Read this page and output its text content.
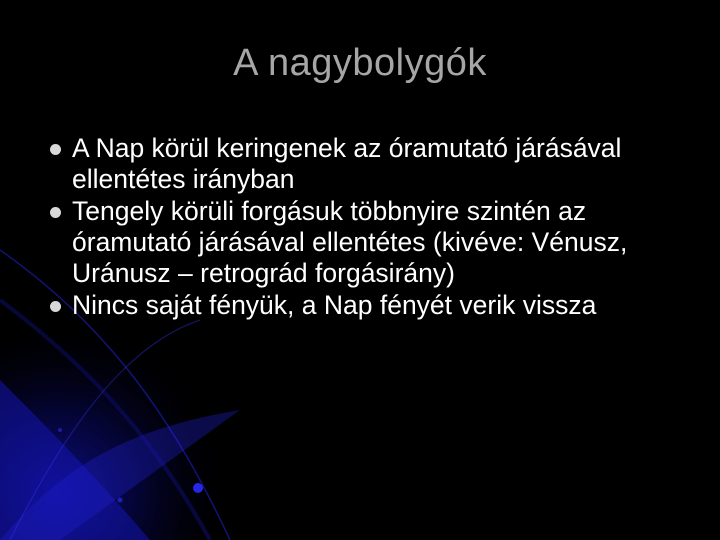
A nagybolygók
A Nap körül keringenek az óramutató járásával ellentétes irányban
Tengely körüli forgásuk többnyire szintén az óramutató járásával ellentétes (kivéve: Vénusz, Uránusz – retrográd forgásirány)
Nincs saját fényük, a Nap fényét verik vissza
